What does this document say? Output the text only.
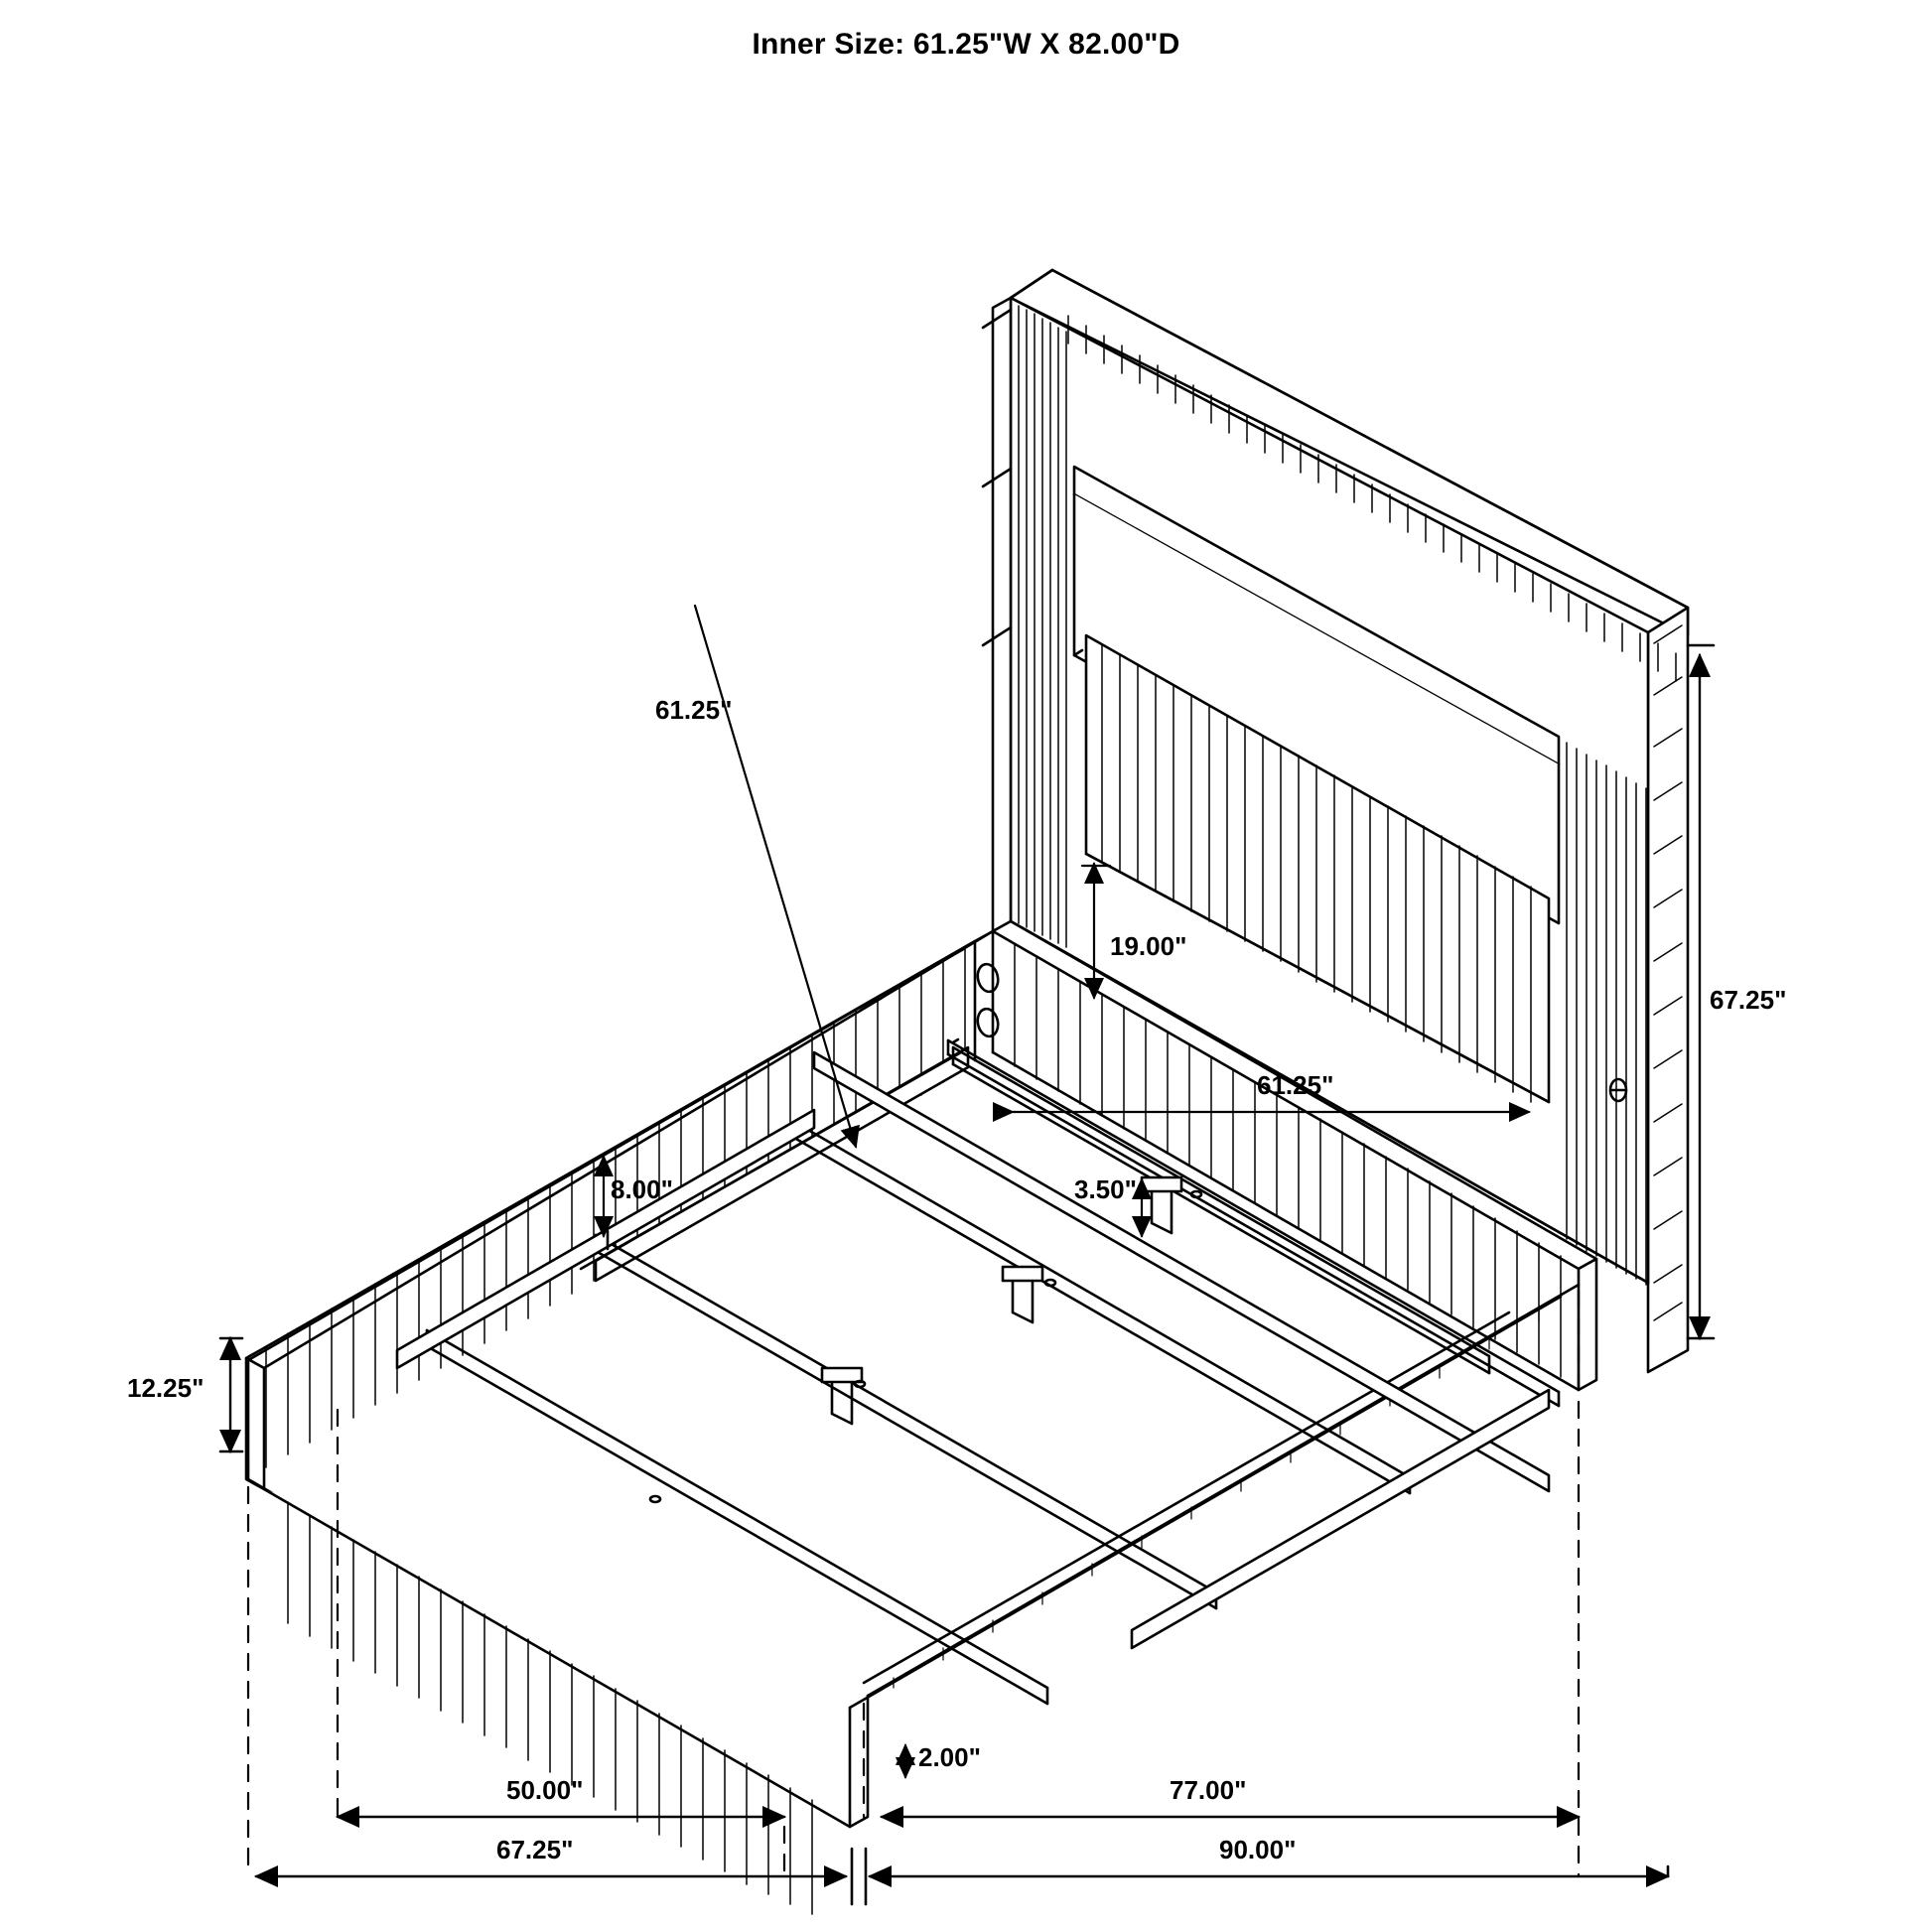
Inner Size: 61.25"W X 82.00"D
61.25"
61.25"
19.00"
8.00"	3.50"
67.25"
12.25"
2.00"
50.00"	77.00"
67.25"	90.00"
